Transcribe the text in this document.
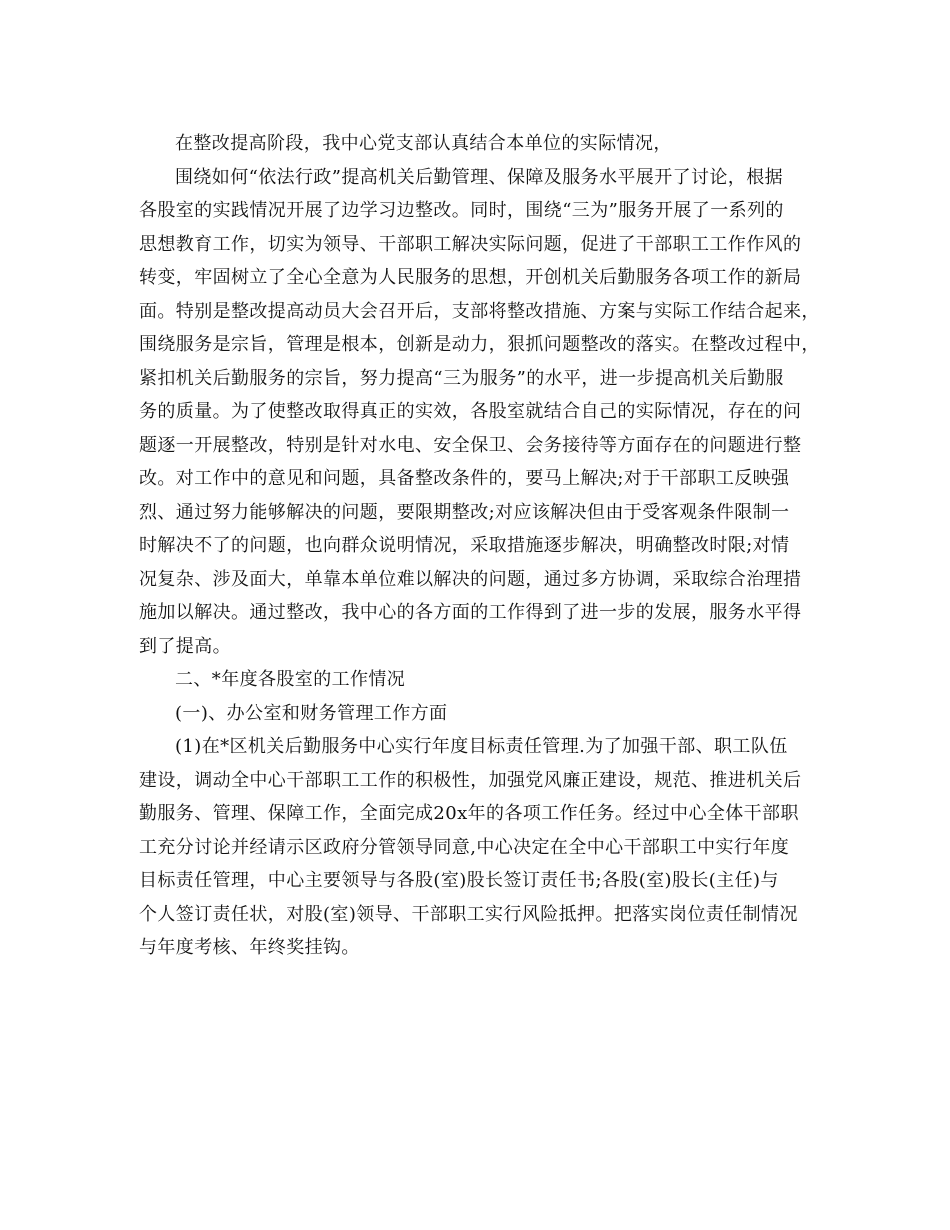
在整改提高阶段，我中心党支部认真结合本单位的实际情况，

围绕如何“依法行政”提高机关后勤管理、保障及服务水平展开了讨论，根据
各股室的实践情况开展了边学习边整改。同时，围绕“三为”服务开展了一系列的
思想教育工作，切实为领导、干部职工解决实际问题，促进了干部职工工作作风的
转变，牢固树立了全心全意为人民服务的思想，开创机关后勤服务各项工作的新局
面。特别是整改提高动员大会召开后，支部将整改措施、方案与实际工作结合起来，
围绕服务是宗旨，管理是根本，创新是动力，狠抓问题整改的落实。在整改过程中，
紧扣机关后勤服务的宗旨，努力提高“三为服务”的水平，进一步提高机关后勤服
务的质量。为了使整改取得真正的实效，各股室就结合自己的实际情况，存在的问
题逐一开展整改，特别是针对水电、安全保卫、会务接待等方面存在的问题进行整
改。对工作中的意见和问题，具备整改条件的，要马上解决;对于干部职工反映强
烈、通过努力能够解决的问题，要限期整改;对应该解决但由于受客观条件限制一
时解决不了的问题，也向群众说明情况，采取措施逐步解决，明确整改时限;对情
况复杂、涉及面大，单靠本单位难以解决的问题，通过多方协调，采取综合治理措
施加以解决。通过整改，我中心的各方面的工作得到了进一步的发展，服务水平得
到了提高。

二、*年度各股室的工作情况

(一)、办公室和财务管理工作方面

(1)在*区机关后勤服务中心实行年度目标责任管理.为了加强干部、职工队伍
建设，调动全中心干部职工工作的积极性，加强党风廉正建设，规范、推进机关后
勤服务、管理、保障工作，全面完成20x年的各项工作任务。经过中心全体干部职
工充分讨论并经请示区政府分管领导同意,中心决定在全中心干部职工中实行年度
目标责任管理，中心主要领导与各股(室)股长签订责任书;各股(室)股长(主任)与
个人签订责任状，对股(室)领导、干部职工实行风险抵押。把落实岗位责任制情况
与年度考核、年终奖挂钩。
